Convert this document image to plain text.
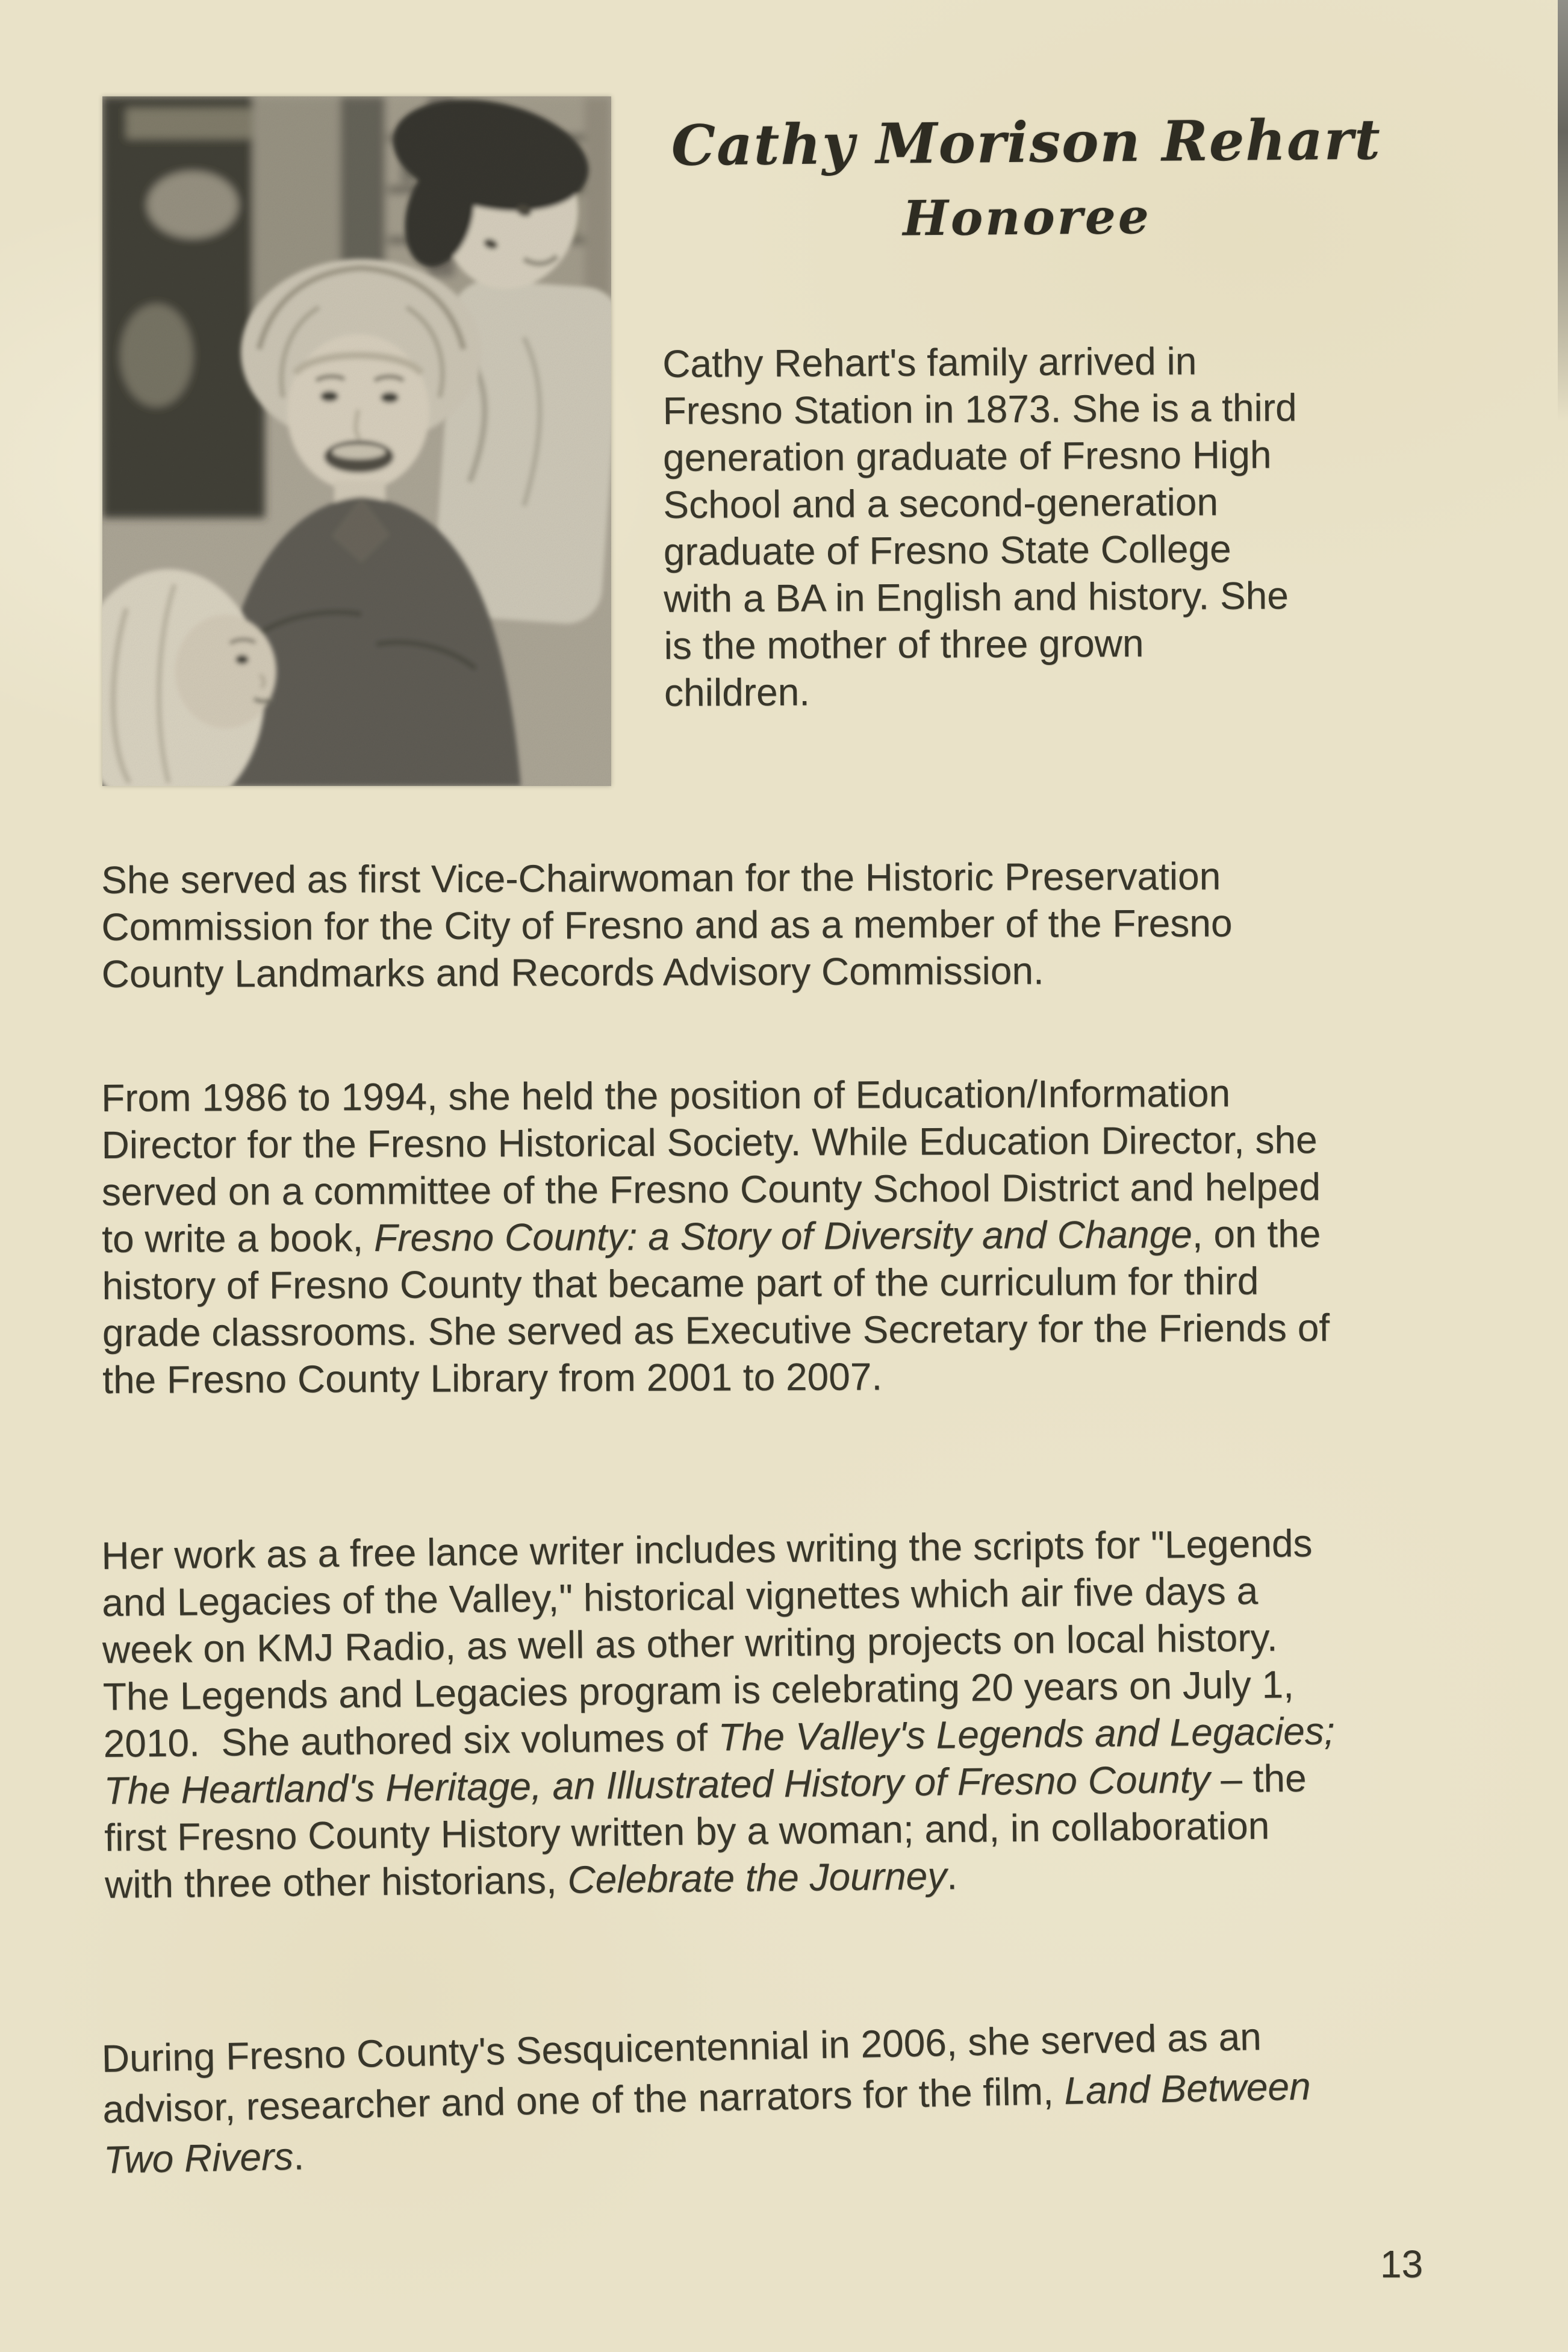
Cathy Morison Rehart
Honoree
Cathy Rehart's family arrived in
Fresno Station in 1873. She is a third
generation graduate of Fresno High
School and a second-generation
graduate of Fresno State College
with a BA in English and history. She
is the mother of three grown
children.
She served as first Vice-Chairwoman for the Historic Preservation
Commission for the City of Fresno and as a member of the Fresno
County Landmarks and Records Advisory Commission.
From 1986 to 1994, she held the position of Education/Information
Director for the Fresno Historical Society. While Education Director, she
served on a committee of the Fresno County School District and helped
to write a book, Fresno County: a Story of Diversity and Change, on the
history of Fresno County that became part of the curriculum for third
grade classrooms. She served as Executive Secretary for the Friends of
the Fresno County Library from 2001 to 2007.
Her work as a free lance writer includes writing the scripts for "Legends
and Legacies of the Valley," historical vignettes which air five days a
week on KMJ Radio, as well as other writing projects on local history.
The Legends and Legacies program is celebrating 20 years on July 1,
2010.  She authored six volumes of The Valley's Legends and Legacies;
The Heartland's Heritage, an Illustrated History of Fresno County – the
first Fresno County History written by a woman; and, in collaboration
with three other historians, Celebrate the Journey.
During Fresno County's Sesquicentennial in 2006, she served as an
advisor, researcher and one of the narrators for the film, Land Between
Two Rivers.
13
